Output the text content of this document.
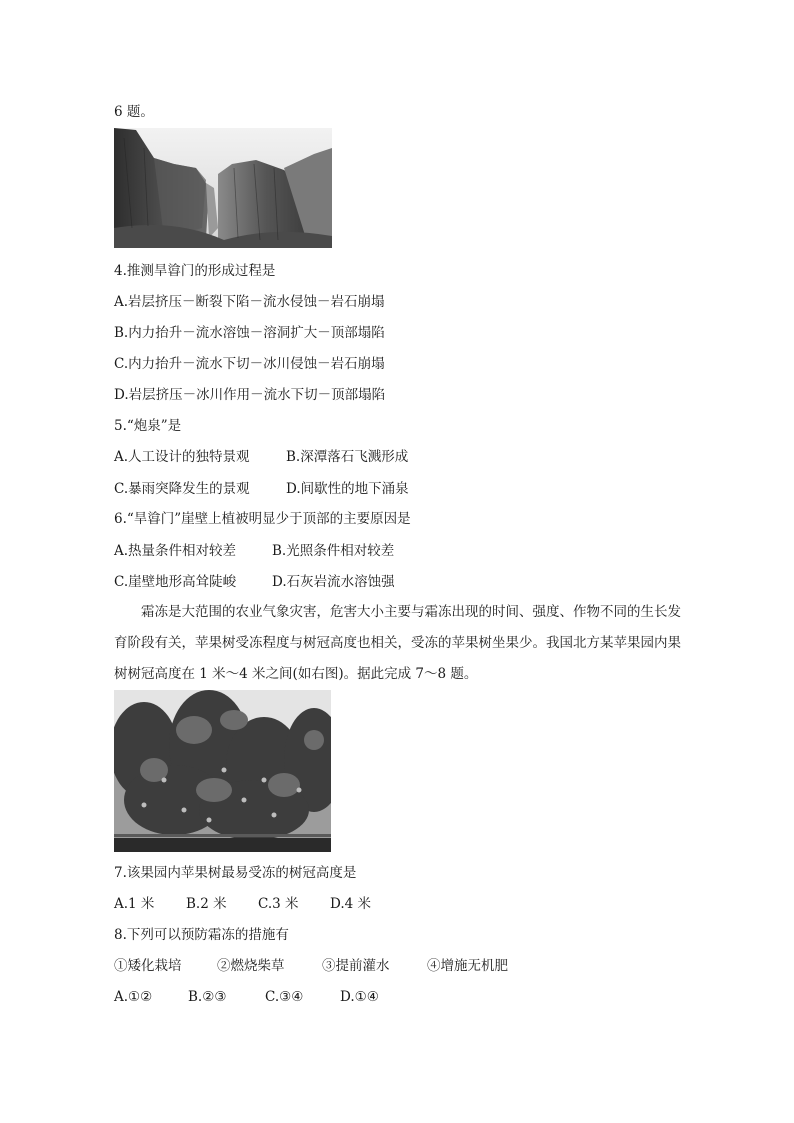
6 题。
4.推测旱㽏门的形成过程是
A.岩层挤压－断裂下陷－流水侵蚀－岩石崩塌
B.内力抬升－流水溶蚀－溶洞扩大－顶部塌陷
C.内力抬升－流水下切－冰川侵蚀－岩石崩塌
D.岩层挤压－冰川作用－流水下切－顶部塌陷
5.“炮泉”是
A.人工设计的独特景观	B.深潭落石飞溅形成
C.暴雨突降发生的景观	D.间歇性的地下涌泉
6.“旱㽏门”崖壁上植被明显少于顶部的主要原因是
A.热量条件相对较差	B.光照条件相对较差
C.崖壁地形高耸陡峻	D.石灰岩流水溶蚀强
霜冻是大范围的农业气象灾害，危害大小主要与霜冻出现的时间、强度、作物不同的生长发育阶段有关，苹果树受冻程度与树冠高度也相关，受冻的苹果树坐果少。我国北方某苹果园内果树树冠高度在 1 米～4 米之间(如右图)。据此完成 7～8 题。
7.该果园内苹果树最易受冻的树冠高度是
A.1 米 B.2 米 C.3 米 D.4 米
8.下列可以预防霜冻的措施有
①矮化栽培	②燃烧柴草	③提前灌水	④增施无机肥
A.①②	B.②③	C.③④	D.①④
